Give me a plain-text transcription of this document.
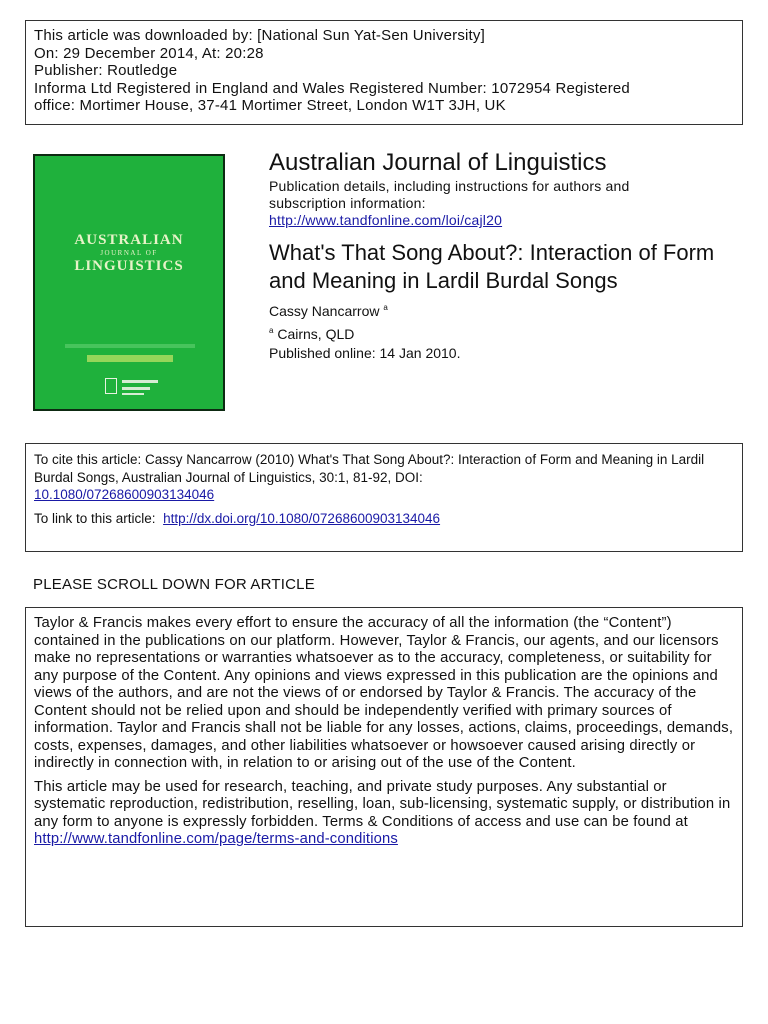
This article was downloaded by: [National Sun Yat-Sen University]

On: 29 December 2014, At: 20:28

Publisher: Routledge

Informa Ltd Registered in England and Wales Registered Number: 1072954 Registered

office: Mortimer House, 37-41 Mortimer Street, London W1T 3JH, UK

AUSTRALIAN
JOURNAL OF
LINGUISTICS
Australian Journal of Linguistics

Publication details, including instructions for authors and

subscription information:

http://www.tandfonline.com/loi/cajl20

What's That Song About?: Interaction of Form and Meaning in Lardil Burdal Songs

Cassy Nancarrow $^a$

$^a$ Cairns, QLD

Published online: 14 Jan 2010.

To cite this article: Cassy Nancarrow (2010) What's That Song About?: Interaction of Form and Meaning in Lardil Burdal Songs, Australian Journal of Linguistics, 30:1, 81-92, DOI:
10.1080/07268600903134046

To link to this article: http://dx.doi.org/10.1080/07268600903134046

PLEASE SCROLL DOWN FOR ARTICLE

Taylor & Francis makes every effort to ensure the accuracy of all the information (the “Content”) contained in the publications on our platform. However, Taylor & Francis, our agents, and our licensors make no representations or warranties whatsoever as to the accuracy, completeness, or suitability for any purpose of the Content. Any opinions and views expressed in this publication are the opinions and views of the authors, and are not the views of or endorsed by Taylor & Francis. The accuracy of the Content should not be relied upon and should be independently verified with primary sources of information. Taylor and Francis shall not be liable for any losses, actions, claims, proceedings, demands, costs, expenses, damages, and other liabilities whatsoever or howsoever caused arising directly or indirectly in connection with, in relation to or arising out of the use of the Content.

This article may be used for research, teaching, and private study purposes. Any substantial or systematic reproduction, redistribution, reselling, loan, sub-licensing, systematic supply, or distribution in any form to anyone is expressly forbidden. Terms & Conditions of access and use can be found at http://www.tandfonline.com/page/terms-and-conditions
